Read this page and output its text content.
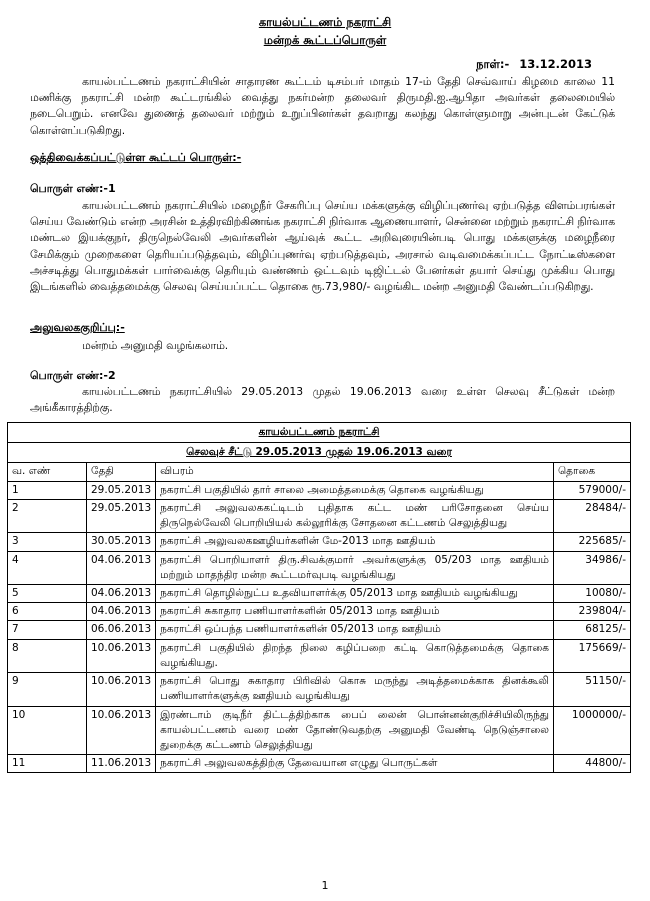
காயல்பட்டணம் நகராட்சி
மன்றக் கூட்டப்பொருள்
நாள்:- 13.12.2013
காயல்பட்டணம் நகராட்சியின் சாதாரண கூட்டம் டிசம்பர் மாதம் 17-ம் தேதி செவ்வாய் கிழமை காலை 11 மணிக்கு நகராட்சி மன்ற கூட்டரங்கில் வைத்து நகர்மன்ற தலைவர் திருமதி.ஐ.ஆபிதா அவர்கள் தலைமையில் நடைபெறும். எனவே துணைத் தலைவர் மற்றும் உறுப்பினர்கள் தவறாது கலந்து கொள்ளுமாறு அன்புடன் கேட்டுக் கொள்ளப்படுகிறது.
ஒத்திவைக்கப்பட்டுள்ள கூட்டப் பொருள்:-
பொருள் எண்:-1
காயல்பட்டணம் நகராட்சியில் மழைநீர் சேகரிப்பு செய்ய மக்களுக்கு விழிப்புணர்வு ஏற்படுத்த விளம்பரங்கள் செய்ய வேண்டும் என்ற அரசின் உத்திரவிற்கிணங்க நகராட்சி நிர்வாக ஆணையாளர், சென்னை மற்றும் நகராட்சி நிர்வாக மண்டல இயக்குநர், திருநெல்வேலி அவர்களின் ஆய்வுக் கூட்ட அறிவுரையின்படி பொது மக்களுக்கு மழைநீரை சேமிக்கும் முறைகளை தெரியப்படுத்தவும், விழிப்புணர்வு ஏற்படுத்தவும், அரசால் வடிவமைக்கப்பட்ட நோட்டீஸ்களை அச்சடித்து பொதுமக்கள் பார்வைக்கு தெரியும் வண்ணம் ஒட்டவும் டிஜிட்டல் பேனர்கள் தயார் செய்து முக்கிய பொது இடங்களில் வைத்தமைக்கு செலவு செய்யப்பட்ட தொகை ரூ.73,980/- வழங்கிட மன்ற அனுமதி வேண்டப்படுகிறது.
அலுவலககுறிப்பு:-
மன்றம் அனுமதி வழங்கலாம்.
பொருள் எண்:-2
காயல்பட்டணம் நகராட்சியில் 29.05.2013 முதல் 19.06.2013 வரை உள்ள செலவு சீட்டுகள் மன்ற அங்கீகாரத்திற்கு.
காயல்பட்டணம் நகராட்சி			
செலவுச் சீட்டு 29.05.2013 முதல் 19.06.2013 வரை			
வ. எண்	தேதி	விபரம்	தொகை
1	29.05.2013	நகராட்சி பகுதியில் தார் சாலை அமைத்தமைக்கு தொகை வழங்கியது	579000/-
2	29.05.2013	நகராட்சி அலுவலககட்டிடம் புதிதாக கட்ட மண் பரிசோதனை செய்ய திருநெல்வேலி பொறியியல் கல்லூரிக்கு சோதனை கட்டணம் செலுத்தியது	28484/-
3	30.05.2013	நகராட்சி அலுவலகஊழியர்களின் மே-2013 மாத ஊதியம்	225685/-
4	04.06.2013	நகராட்சி பொறியாளர் திரு.சிவக்குமார் அவர்களுக்கு 05/203 மாத ஊதியம் மற்றும் மாதந்திர மன்ற கூட்டமர்வுபடி வழங்கியது	34986/-
5	04.06.2013	நகராட்சி தொழில்நுட்ப உதவியாளர்க்கு 05/2013 மாத ஊதியம் வழங்கியது	10080/-
6	04.06.2013	நகராட்சி சுகாதார பணியாளர்களின் 05/2013 மாத ஊதியம்	239804/-
7	06.06.2013	நகராட்சி ஒப்பந்த பணியாளர்களின் 05/2013 மாத ஊதியம்	68125/-
8	10.06.2013	நகராட்சி பகுதியில் திறந்த நிலை கழிப்பறை கட்டி கொடுத்தமைக்கு தொகை வழங்கியது.	175669/-
9	10.06.2013	நகராட்சி பொது சுகாதார பிரிவில் கொசு மருந்து அடித்தமைக்காக தினக்கூலி பணியாளர்களுக்கு ஊதியம் வழங்கியது	51150/-
10	10.06.2013	இரண்டாம் குடிநீர் திட்டத்திற்காக பைப் லைன் பொன்னன்குறிச்சியிலிருந்து காயல்பட்டணம் வரை மண் தோண்டுவதற்கு அனுமதி வேண்டி நெடுஞ்சாலை துறைக்கு கட்டணம் செலுத்தியது	1000000/-
11	11.06.2013	நகராட்சி அலுவலகத்திற்கு தேவையான எழுது பொருட்கள்	44800/-
1
